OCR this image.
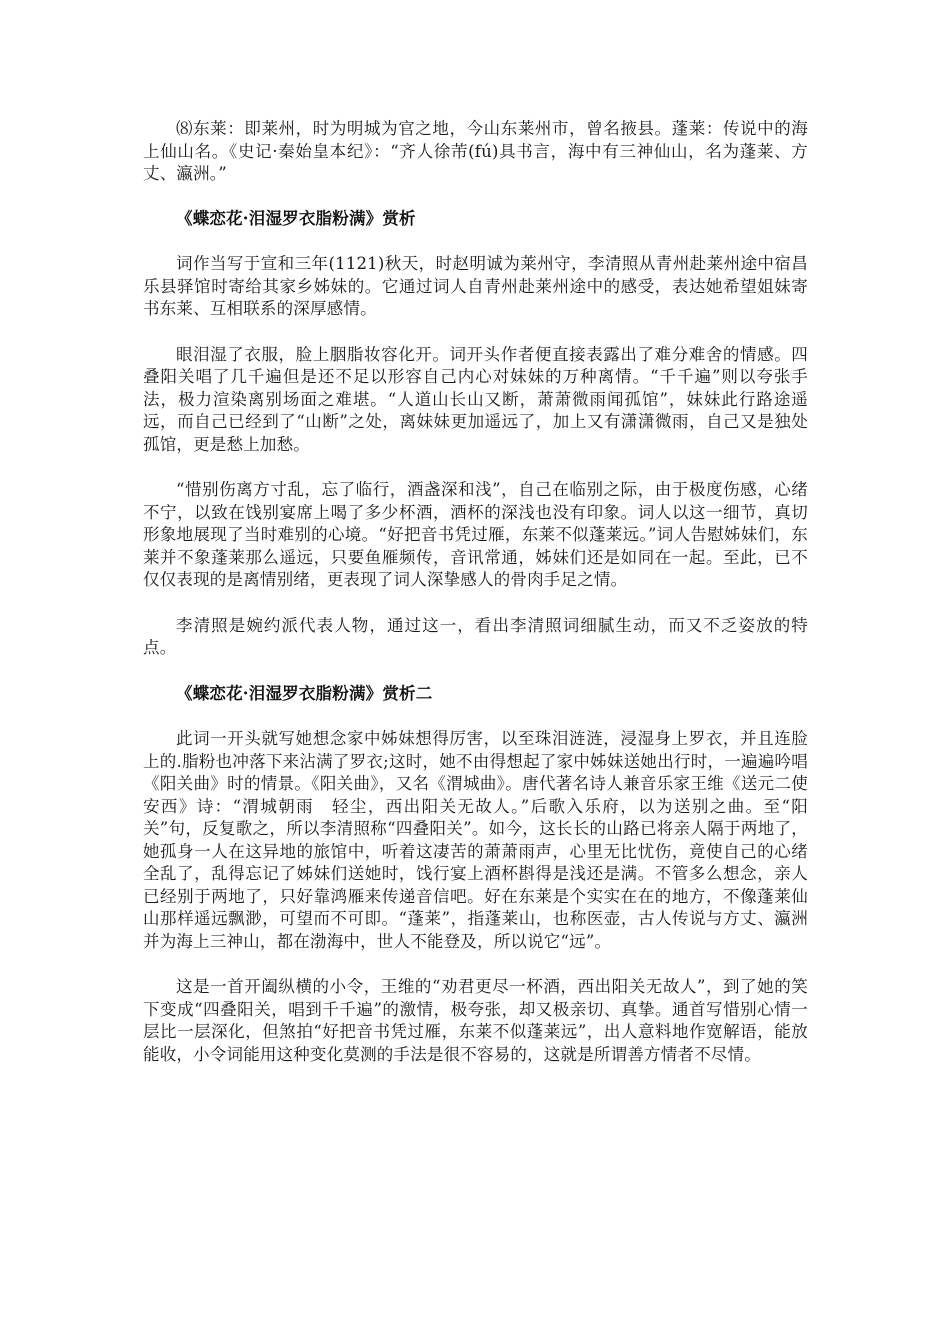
⑻东莱：即莱州，时为明城为官之地，今山东莱州市，曾名掖县。蓬莱：传说中的海上仙山名。《史记·秦始皇本纪》：“齐人徐芾(fú)具书言，海中有三神仙山，名为蓬莱、方丈、瀛洲。”

《蝶恋花·泪湿罗衣脂粉满》赏析

词作当写于宣和三年(1121)秋天，时赵明诚为莱州守，李清照从青州赴莱州途中宿昌乐县驿馆时寄给其家乡姊妹的。它通过词人自青州赴莱州途中的感受，表达她希望姐妹寄书东莱、互相联系的深厚感情。

眼泪湿了衣服，脸上胭脂妆容化开。词开头作者便直接表露出了难分难舍的情感。四叠阳关唱了几千遍但是还不足以形容自己内心对妹妹的万种离情。“千千遍”则以夸张手法，极力渲染离别场面之难堪。“人道山长山又断，萧萧微雨闻孤馆”，妹妹此行路途遥远，而自己已经到了“山断”之处，离妹妹更加遥远了，加上又有潇潇微雨，自己又是独处孤馆，更是愁上加愁。

“惜别伤离方寸乱，忘了临行，酒盏深和浅”，自己在临别之际，由于极度伤感，心绪不宁，以致在饯别宴席上喝了多少杯酒，酒杯的深浅也没有印象。词人以这一细节，真切形象地展现了当时难别的心境。“好把音书凭过雁，东莱不似蓬莱远。”词人告慰姊妹们，东莱并不象蓬莱那么遥远，只要鱼雁频传，音讯常通，姊妹们还是如同在一起。至此，已不仅仅表现的是离情别绪，更表现了词人深挚感人的骨肉手足之情。

李清照是婉约派代表人物，通过这一，看出李清照词细腻生动，而又不乏姿放的特点。

《蝶恋花·泪湿罗衣脂粉满》赏析二

此词一开头就写她想念家中姊妹想得厉害，以至珠泪涟涟，浸湿身上罗衣，并且连脸上的.脂粉也冲落下来沾满了罗衣;这时，她不由得想起了家中姊妹送她出行时，一遍遍吟唱《阳关曲》时的情景。《阳关曲》，又名《渭城曲》。唐代著名诗人兼音乐家王维《送元二使安西》诗：“渭城朝雨　轻尘，西出阳关无故人。”后歌入乐府，以为送别之曲。至“阳关”句，反复歌之，所以李清照称“四叠阳关”。如今，这长长的山路已将亲人隔于两地了，她孤身一人在这异地的旅馆中，听着这凄苦的萧萧雨声，心里无比忧伤，竟使自己的心绪全乱了，乱得忘记了姊妹们送她时，饯行宴上酒杯斟得是浅还是满。不管多么想念，亲人已经别于两地了，只好靠鸿雁来传递音信吧。好在东莱是个实实在在的地方，不像蓬莱仙山那样遥远飘渺，可望而不可即。“蓬莱”，指蓬莱山，也称医壶，古人传说与方丈、瀛洲并为海上三神山，都在渤海中，世人不能登及，所以说它“远”。

这是一首开阖纵横的小令，王维的“劝君更尽一杯酒，西出阳关无故人”，到了她的笑下变成“四叠阳关，唱到千千遍”的激情，极夸张，却又极亲切、真挚。通首写惜别心情一层比一层深化，但煞拍“好把音书凭过雁，东莱不似蓬莱远”，出人意料地作宽解语，能放能收，小令词能用这种变化莫测的手法是很不容易的，这就是所谓善方情者不尽情。
